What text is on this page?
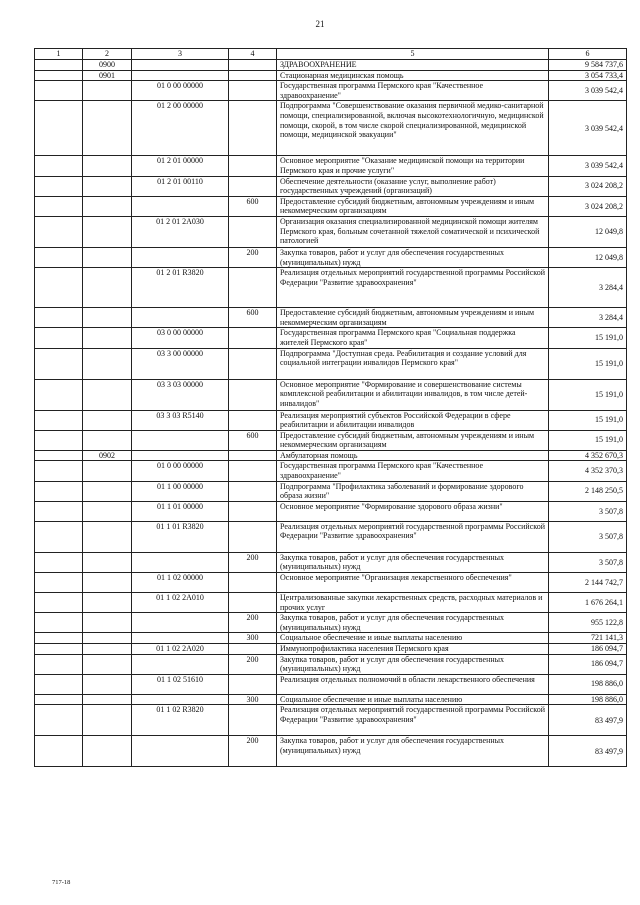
21
1	2	3	4	5	6
	0900			ЗДРАВООХРАНЕНИЕ	9 584 737,6
	0901			Стационарная медицинская помощь	3 054 733,4
		01 0 00 00000		Государственная программа Пермского края "Качественное здравоохранение"	3 039 542,4
		01 2 00 00000		Подпрограмма "Совершенствование оказания первичной медико-санитарной помощи, специализированной, включая высокотехнологичную, медицинской помощи, скорой, в том числе скорой специализированной, медицинской помощи, медицинской эвакуации"	3 039 542,4
		01 2 01 00000		Основное мероприятие "Оказание медицинской помощи на территории Пермского края и прочие услуги"	3 039 542,4
		01 2 01 00110		Обеспечение деятельности (оказание услуг, выполнение работ) государственных учреждений (организаций)	3 024 208,2
			600	Предоставление субсидий бюджетным, автономным учреждениям и иным некоммерческим организациям	3 024 208,2
		01 2 01 2A030		Организация оказания специализированной медицинской помощи жителям Пермского края, больным сочетанной тяжелой соматической и психической патологией	12 049,8
			200	Закупка товаров, работ и услуг для обеспечения государственных (муниципальных) нужд	12 049,8
		01 2 01 R3820		Реализация отдельных мероприятий государственной программы Российской Федерации "Развитие здравоохранения"	3 284,4
			600	Предоставление субсидий бюджетным, автономным учреждениям и иным некоммерческим организациям	3 284,4
		03 0 00 00000		Государственная программа Пермского края "Социальная поддержка жителей Пермского края"	15 191,0
		03 3 00 00000		Подпрограмма "Доступная среда. Реабилитация и создание условий для социальной интеграции инвалидов Пермского края"	15 191,0
		03 3 03 00000		Основное мероприятие "Формирование и совершенствование системы комплексной реабилитации и абилитации инвалидов, в том числе детей-инвалидов"	15 191,0
		03 3 03 R5140		Реализация мероприятий субъектов Российской Федерации в сфере реабилитации и абилитации инвалидов	15 191,0
			600	Предоставление субсидий бюджетным, автономным учреждениям и иным некоммерческим организациям	15 191,0
	0902			Амбулаторная помощь	4 352 670,3
		01 0 00 00000		Государственная программа Пермского края "Качественное здравоохранение"	4 352 370,3
		01 1 00 00000		Подпрограмма "Профилактика заболеваний и формирование здорового образа жизни"	2 148 250,5
		01 1 01 00000		Основное мероприятие "Формирование здорового образа жизни"	3 507,8
		01 1 01 R3820		Реализация отдельных мероприятий государственной программы Российской Федерации "Развитие здравоохранения"	3 507,8
			200	Закупка товаров, работ и услуг для обеспечения государственных (муниципальных) нужд	3 507,8
		01 1 02 00000		Основное мероприятие "Организация лекарственного обеспечения"	2 144 742,7
		01 1 02 2A010		Централизованные закупки лекарственных средств, расходных материалов и прочих услуг	1 676 264,1
			200	Закупка товаров, работ и услуг для обеспечения государственных (муниципальных) нужд	955 122,8
			300	Социальное обеспечение и иные выплаты населению	721 141,3
		01 1 02 2A020		Иммунопрофилактика населения Пермского края	186 094,7
			200	Закупка товаров, работ и услуг для обеспечения государственных (муниципальных) нужд	186 094,7
		01 1 02 51610		Реализация отдельных полномочий в области лекарственного обеспечения	198 886,0
			300	Социальное обеспечение и иные выплаты населению	198 886,0
		01 1 02 R3820		Реализация отдельных мероприятий государственной программы Российской Федерации "Развитие здравоохранения"	83 497,9
			200	Закупка товаров, работ и услуг для обеспечения государственных (муниципальных) нужд	83 497,9
717-18
